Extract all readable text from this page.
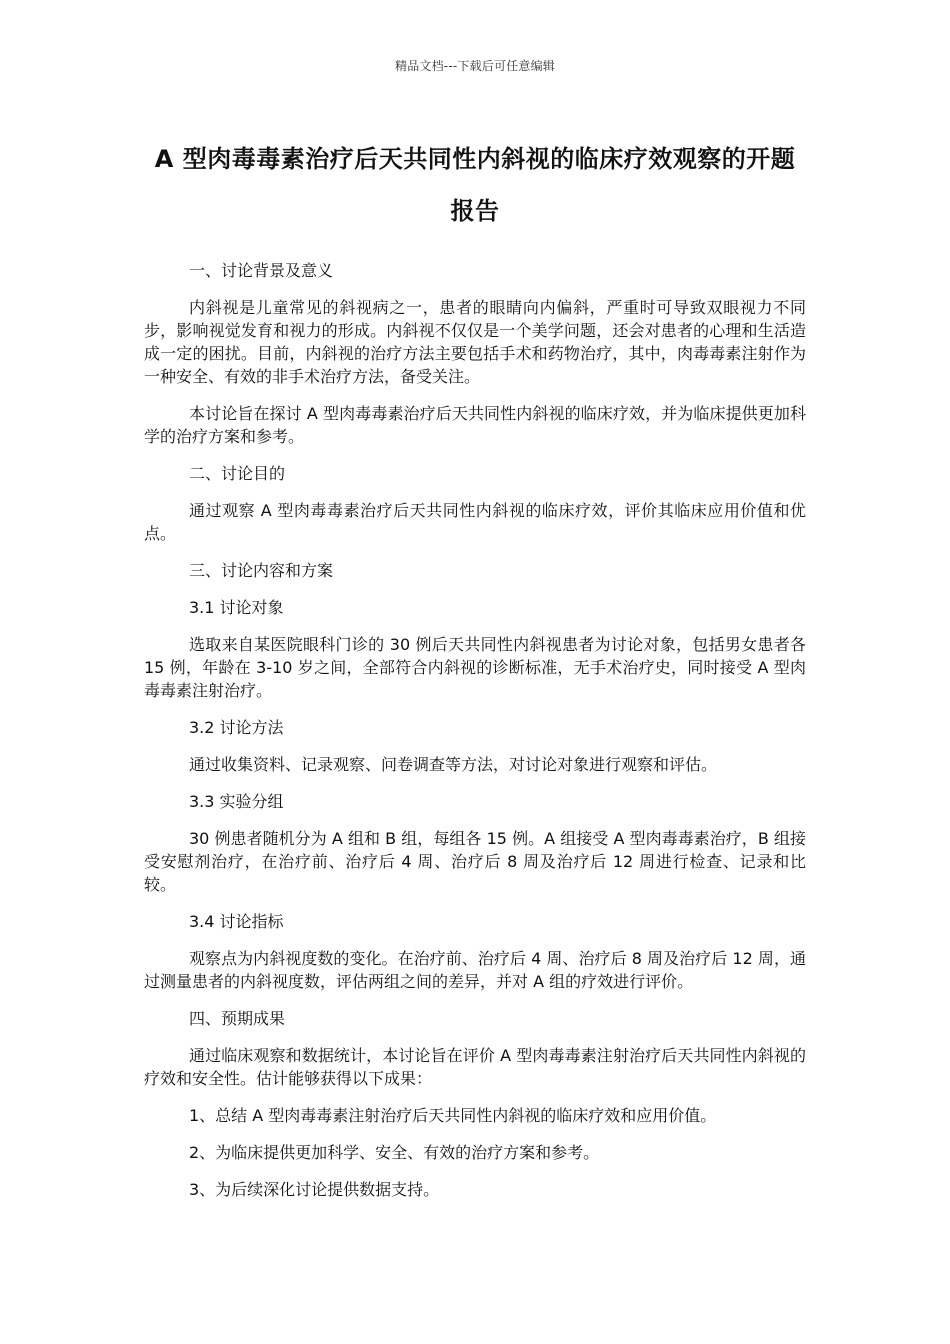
精品文档---下载后可任意编辑
A 型肉毒毒素治疗后天共同性内斜视的临床疗效观察的开题报告

一、讨论背景及意义

内斜视是儿童常见的斜视病之一，患者的眼睛向内偏斜，严重时可导致双眼视力不同步，影响视觉发育和视力的形成。内斜视不仅仅是一个美学问题，还会对患者的心理和生活造成一定的困扰。目前，内斜视的治疗方法主要包括手术和药物治疗，其中，肉毒毒素注射作为一种安全、有效的非手术治疗方法，备受关注。

本讨论旨在探讨 A 型肉毒毒素治疗后天共同性内斜视的临床疗效，并为临床提供更加科学的治疗方案和参考。

二、讨论目的

通过观察 A 型肉毒毒素治疗后天共同性内斜视的临床疗效，评价其临床应用价值和优点。

三、讨论内容和方案

3.1 讨论对象

选取来自某医院眼科门诊的 30 例后天共同性内斜视患者为讨论对象，包括男女患者各 15 例，年龄在 3-10 岁之间，全部符合内斜视的诊断标准，无手术治疗史，同时接受 A 型肉毒毒素注射治疗。

3.2 讨论方法

通过收集资料、记录观察、问卷调查等方法，对讨论对象进行观察和评估。

3.3 实验分组

30 例患者随机分为 A 组和 B 组，每组各 15 例。A 组接受 A 型肉毒毒素治疗，B 组接受安慰剂治疗，在治疗前、治疗后 4 周、治疗后 8 周及治疗后 12 周进行检查、记录和比较。

3.4 讨论指标

观察点为内斜视度数的变化。在治疗前、治疗后 4 周、治疗后 8 周及治疗后 12 周，通过测量患者的内斜视度数，评估两组之间的差异，并对 A 组的疗效进行评价。

四、预期成果

通过临床观察和数据统计，本讨论旨在评价 A 型肉毒毒素注射治疗后天共同性内斜视的疗效和安全性。估计能够获得以下成果：

1、总结 A 型肉毒毒素注射治疗后天共同性内斜视的临床疗效和应用价值。

2、为临床提供更加科学、安全、有效的治疗方案和参考。

3、为后续深化讨论提供数据支持。
